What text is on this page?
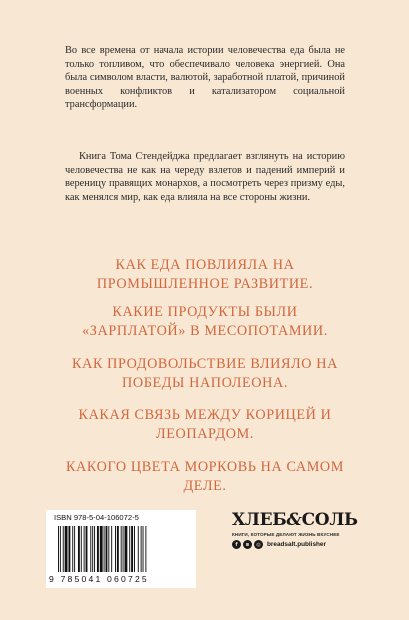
Во все времена от начала истории человечества еда была не только топливом, что обеспечивало человека энергией. Она была символом власти, валютой, заработной платой, причиной военных конфликтов и катализатором социальной трансформации.

Книга Тома Стендейджа предлагает взглянуть на историю человечества не как на череду взлетов и падений империй и вереницу правящих монархов, а посмотреть через призму еды, как менялся мир, как еда влияла на все стороны жизни.

КАК ЕДА ПОВЛИЯЛА НА ПРОМЫШЛЕННОЕ РАЗВИТИЕ.

КАКИЕ ПРОДУКТЫ БЫЛИ «ЗАРПЛАТОЙ» В МЕСОПОТАМИИ.

КАК ПРОДОВОЛЬСТВИЕ ВЛИЯЛО НА ПОБЕДЫ НАПОЛЕОНА.

КАКАЯ СВЯЗЬ МЕЖДУ КОРИЦЕЙ И ЛЕОПАРДОМ.

КАКОГО ЦВЕТА МОРКОВЬ НА САМОМ ДЕЛЕ.

ISBN 978-5-04-106072-5
9 785041 060725
ХЛЕБ&СОЛЬ
КНИГИ, КОТОРЫЕ ДЕЛАЮТ ЖИЗНЬ ВКУСНЕЕ
f	в	◎ breadsalt.publisher
